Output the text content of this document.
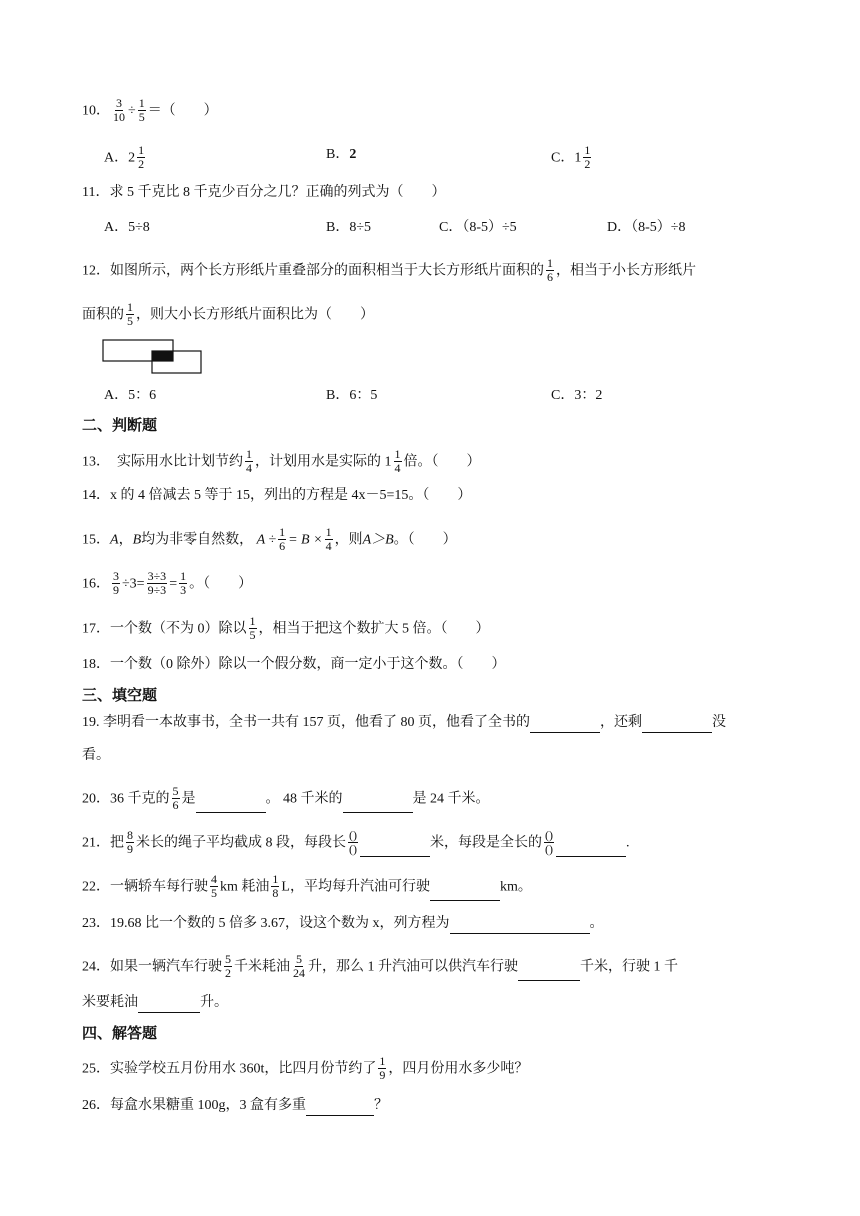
10． $\frac{3}{10} \div \frac{1}{5}$ ＝（　　）
A．$2 \frac{1}{2}$	B．2	C．$1 \frac{1}{2}$
11．求 5 千克比 8 千克少百分之几？正确的列式为（　　）
A．5÷8	B．8÷5	C．（8-5）÷5	D．（8-5）÷8
12．如图所示，两个长方形纸片重叠部分的面积相当于大长方形纸片面积的 $\frac{1}{6}$ ，相当于小长方形纸片
面积的 $\frac{1}{5}$ ，则大小长方形纸片面积比为（　　）
A．5：6	B．6：5	C．3：2
二、判断题
13．　实际用水比计划节约 $\frac{1}{4}$ ，计划用水是实际的 $1 \frac{1}{4}$ 倍。（　　）
14．x 的 4 倍减去 5 等于 15，列出的方程是 4x－5=15。（　　）
15．A，B均为非零自然数， $A \div \frac{1}{6} = B \times \frac{1}{4}$ ，则A＞B。（　　）
16． $\frac{3}{9} \div 3= \frac{3\div 3}{9\div 3} = \frac{1}{3}$ 。（　　）
17．一个数（不为 0）除以 $\frac{1}{5}$ ，相当于把这个数扩大 5 倍。（　　）
18．一个数（0 除外）除以一个假分数，商一定小于这个数。（　　）
三、填空题
19. 李明看一本故事书，全书一共有 157 页，他看了 80 页，他看了全书的	，还剩	没
看。
20．36 千克的 $\frac{5}{6}$ 是	。 48 千米的	是 24 千米。
21．把 $\frac{8}{9}$ 米长的绳子平均截成 8 段，每段长 $\frac{()}{()}$	米，每段是全长的 $\frac{()}{()}$	.
22．一辆轿车每行驶 $\frac{4}{5}$ km 耗油 $\frac{1}{8}$ L，平均每升汽油可行驶	km。
23．19.68 比一个数的 5 倍多 3.67，设这个数为 x，列方程为	。
24．如果一辆汽车行驶 $\frac{5}{2}$ 千米耗油 $\frac{5}{24}$ 升，那么 1 升汽油可以供汽车行驶	千米，行驶 1 千
米要耗油	升。
四、解答题
25．实验学校五月份用水 360t，比四月份节约了 $\frac{1}{9}$ ，四月份用水多少吨？
26．每盒水果糖重 100g，3 盒有多重	？
